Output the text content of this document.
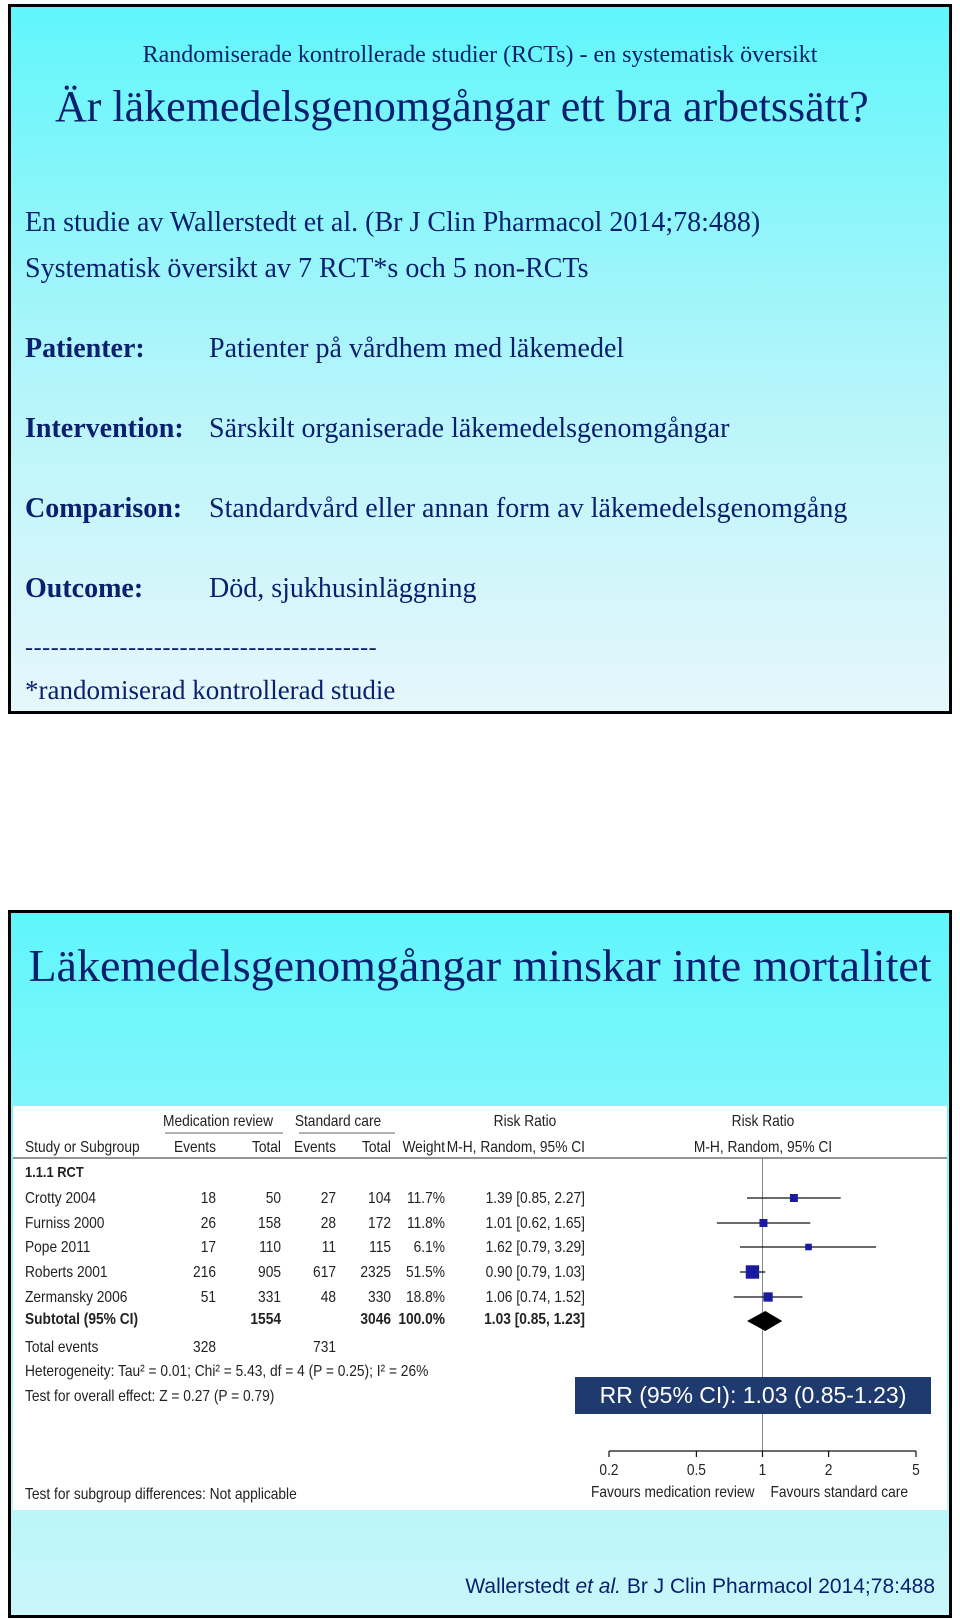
Randomiserade kontrollerade studier (RCTs) - en systematisk översikt
Är läkemedelsgenomgångar ett bra arbetssätt?
En studie av Wallerstedt et al. (Br J Clin Pharmacol 2014;78:488)
Systematisk översikt av 7 RCT*s och 5 non-RCTs
Patienter: Patienter på vårdhem med läkemedel
Intervention: Särskilt organiserade läkemedelsgenomgångar
Comparison: Standardvård eller annan form av läkemedelsgenomgång
Outcome: Död, sjukhusinläggning
-----------------------------------------
*randomiserad kontrollerad studie
Läkemedelsgenomgångar minskar inte mortalitet
Medication review Standard care	Risk Ratio	Risk Ratio
Study or Subgroup Events Total Events Total Weight M-H, Random, 95% CI	M-H, Random, 95% CI
1.1.1 RCT
Crotty 2004	18	50 27 104 11.7%	1.39 [0.85, 2.27]
Furniss 2000	26	158 28 172 11.8%	1.01 [0.62, 1.65]
Pope 2011	17	110	11 115 6.1%	1.62 [0.79, 3.29]
Roberts 2001	216	905 617 2325 51.5%	0.90 [0.79, 1.03]
Zermansky 2006	51	331 48 330 18.8%	1.06 [0.74, 1.52]
Subtotal (95% CI)	1554	3046 100.0% 1.03 [0.85, 1.23]
Total events	328	731
Heterogeneity: Tau² = 0.01; Chi² = 5.43, df = 4 (P = 0.25); I² = 26%
Test for overall effect: Z = 0.27 (P = 0.79)	RR (95% CI): 1.03 (0.85-1.23)
0.2	0.5	1	2	5
Favours medication review Favours standard care
Test for subgroup differences: Not applicable
Wallerstedt et al. Br J Clin Pharmacol 2014;78:488
